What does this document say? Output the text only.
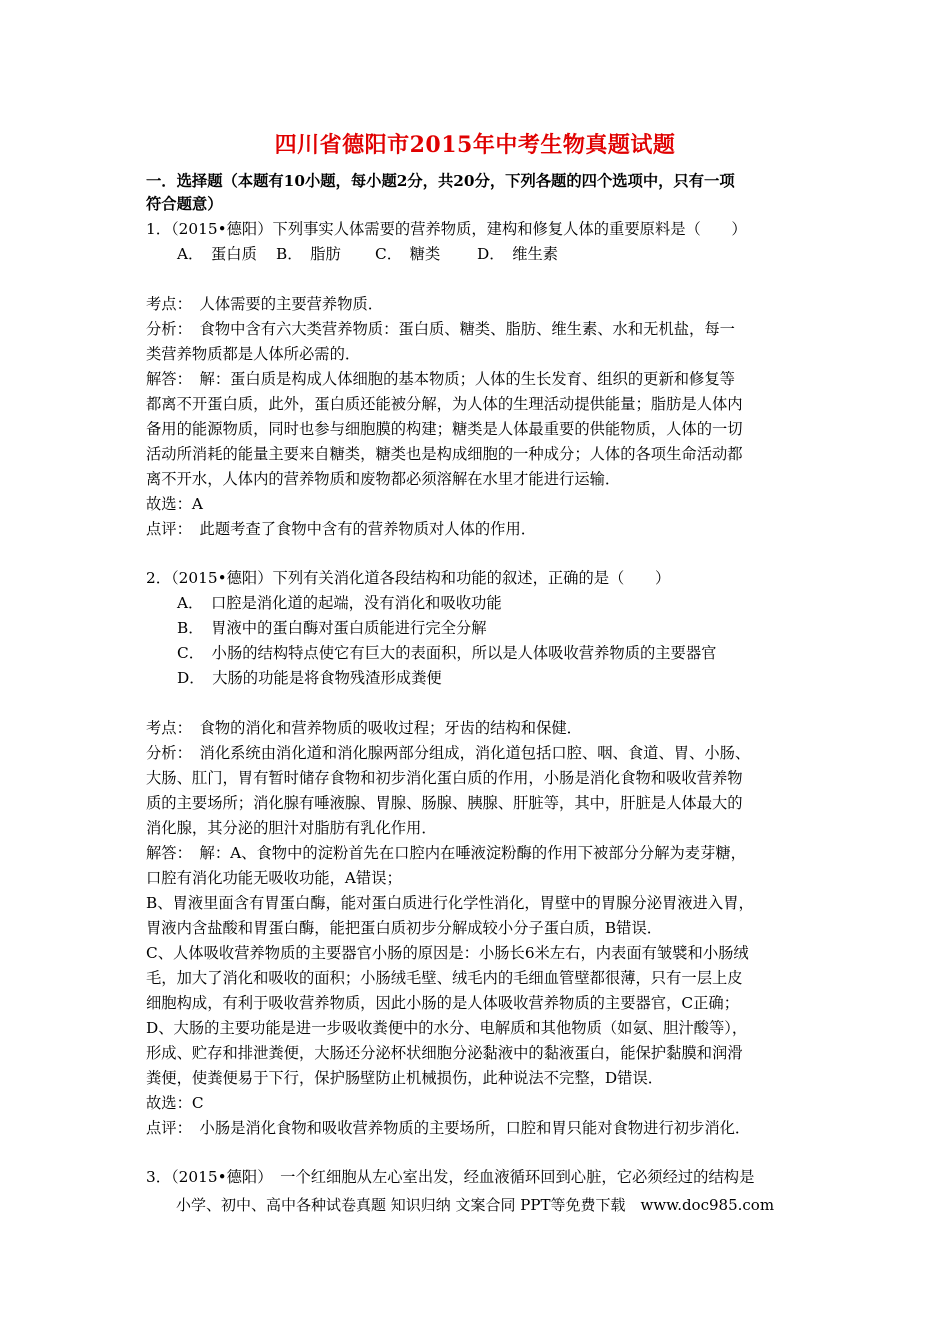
四川省德阳市2015年中考生物真题试题
一．选择题（本题有10小题，每小题2分，共20分，下列各题的四个选项中，只有一项
符合题意）
1．（2015•德阳）下列事实人体需要的营养物质，建构和修复人体的重要原料是（　　）
A．　蛋白质 B．　脂肪 C．　糖类 D．　维生素
考点：　人体需要的主要营养物质．
分析：　食物中含有六大类营养物质：蛋白质、糖类、脂肪、维生素、水和无机盐，每一
类营养物质都是人体所必需的．
解答：　解：蛋白质是构成人体细胞的基本物质；人体的生长发育、组织的更新和修复等
都离不开蛋白质，此外，蛋白质还能被分解，为人体的生理活动提供能量；脂肪是人体内
备用的能源物质，同时也参与细胞膜的构建；糖类是人体最重要的供能物质，人体的一切
活动所消耗的能量主要来自糖类，糖类也是构成细胞的一种成分；人体的各项生命活动都
离不开水，人体内的营养物质和废物都必须溶解在水里才能进行运输．
故选：A
点评：　此题考查了食物中含有的营养物质对人体的作用．
2．（2015•德阳）下列有关消化道各段结构和功能的叙述，正确的是（　　）
A．　口腔是消化道的起端，没有消化和吸收功能
B．　胃液中的蛋白酶对蛋白质能进行完全分解
C．　小肠的结构特点使它有巨大的表面积，所以是人体吸收营养物质的主要器官
D．　大肠的功能是将食物残渣形成粪便
考点：　食物的消化和营养物质的吸收过程；牙齿的结构和保健．
分析：　消化系统由消化道和消化腺两部分组成，消化道包括口腔、咽、食道、胃、小肠、
大肠、肛门，胃有暂时储存食物和初步消化蛋白质的作用，小肠是消化食物和吸收营养物
质的主要场所；消化腺有唾液腺、胃腺、肠腺、胰腺、肝脏等，其中，肝脏是人体最大的
消化腺，其分泌的胆汁对脂肪有乳化作用．
解答：　解：A、食物中的淀粉首先在口腔内在唾液淀粉酶的作用下被部分分解为麦芽糖，
口腔有消化功能无吸收功能，A错误；
B、胃液里面含有胃蛋白酶，能对蛋白质进行化学性消化，胃壁中的胃腺分泌胃液进入胃，
胃液内含盐酸和胃蛋白酶，能把蛋白质初步分解成较小分子蛋白质，B错误．
C、人体吸收营养物质的主要器官小肠的原因是：小肠长6米左右，内表面有皱襞和小肠绒
毛，加大了消化和吸收的面积；小肠绒毛壁、绒毛内的毛细血管壁都很薄，只有一层上皮
细胞构成，有利于吸收营养物质，因此小肠的是人体吸收营养物质的主要器官，C正确；
D、大肠的主要功能是进一步吸收粪便中的水分、电解质和其他物质（如氨、胆汁酸等），
形成、贮存和排泄粪便，大肠还分泌杯状细胞分泌黏液中的黏液蛋白，能保护黏膜和润滑
粪便，使粪便易于下行，保护肠壁防止机械损伤，此种说法不完整，D错误．
故选：C
点评：　小肠是消化食物和吸收营养物质的主要场所，口腔和胃只能对食物进行初步消化．
3．（2015•德阳）　一个红细胞从左心室出发，经血液循环回到心脏，它必须经过的结构是
小学、初中、高中各种试卷真题 知识归纳 文案合同 PPT等免费下载　www.doc985.com
